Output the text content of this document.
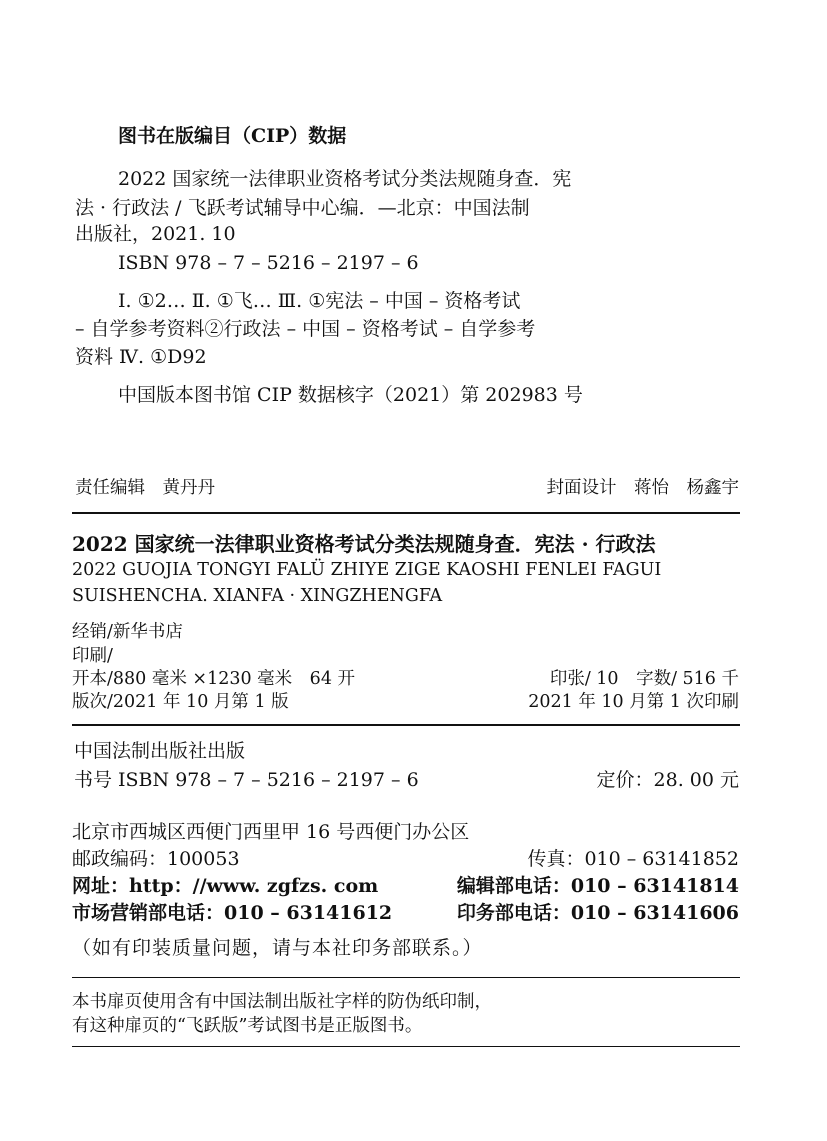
图书在版编目（CIP）数据
2022 国家统一法律职业资格考试分类法规随身查．宪
法 · 行政法 / 飞跃考试辅导中心编．—北京：中国法制
出版社，2021. 10
ISBN 978 – 7 – 5216 – 2197 – 6
Ⅰ. ①2… Ⅱ. ①飞… Ⅲ. ①宪法 – 中国 – 资格考试
– 自学参考资料②行政法 – 中国 – 资格考试 – 自学参考
资料 Ⅳ. ①D92
中国版本图书馆 CIP 数据核字（2021）第 202983 号
责任编辑　黄丹丹	封面设计　蒋怡　杨鑫宇
2022 国家统一法律职业资格考试分类法规随身查．宪法 · 行政法
2022 GUOJIA TONGYI FALÜ ZHIYE ZIGE KAOSHI FENLEI FAGUI
SUISHENCHA. XIANFA · XINGZHENGFA
经销/新华书店
印刷/
开本/880 毫米 ×1230 毫米　64 开	印张/ 10　字数/ 516 千
版次/2021 年 10 月第 1 版	2021 年 10 月第 1 次印刷
中国法制出版社出版
书号 ISBN 978 – 7 – 5216 – 2197 – 6	定价：28. 00 元
北京市西城区西便门西里甲 16 号西便门办公区
邮政编码：100053	传真：010 – 63141852
网址：http：//www. zgfzs. com	编辑部电话：010 – 63141814
市场营销部电话：010 – 63141612	印务部电话：010 – 63141606
（如有印装质量问题，请与本社印务部联系。）
本书扉页使用含有中国法制出版社字样的防伪纸印制，
有这种扉页的“飞跃版”考试图书是正版图书。
